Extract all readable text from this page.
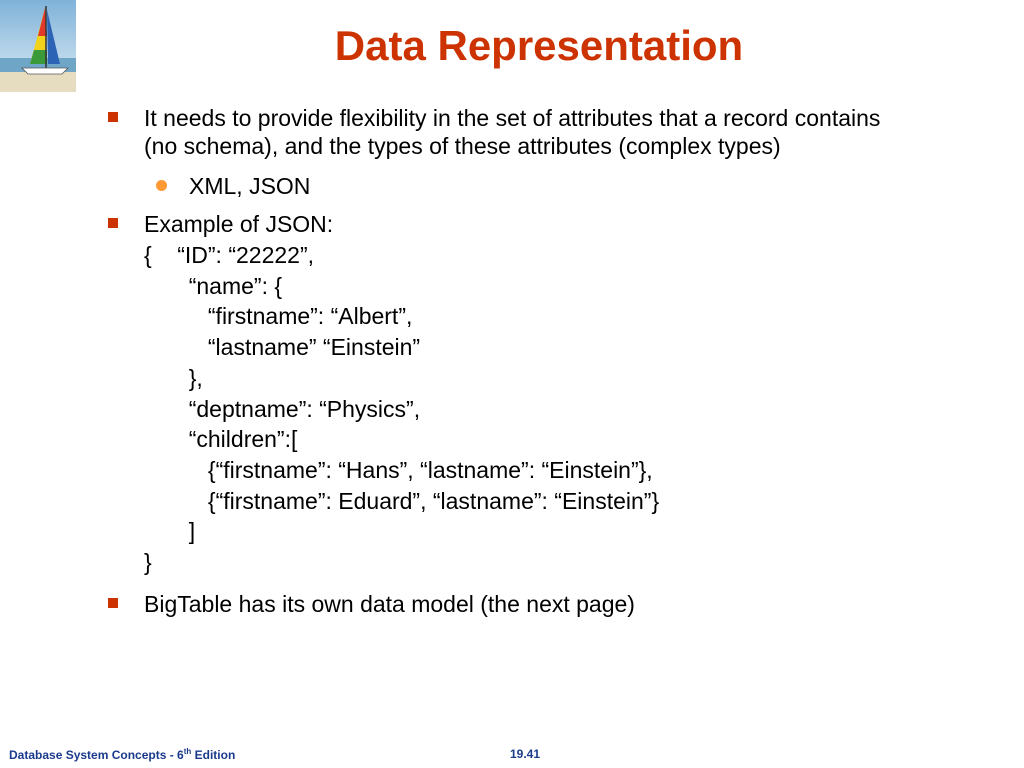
Data Representation
It needs to provide flexibility in the set of attributes that a record contains (no schema), and the types of these attributes (complex types)
XML, JSON
Example of JSON:
{    “ID”: “22222”,
“name”: {
“firstname”: “Albert”,
“lastname” “Einstein”
},
“deptname”: “Physics”,
“children”:[
{“firstname”: “Hans”, “lastname”: “Einstein”},
{“firstname”: Eduard”, “lastname”: “Einstein”}
]
}
BigTable has its own data model (the next page)
Database System Concepts - 6th Edition	19.41
